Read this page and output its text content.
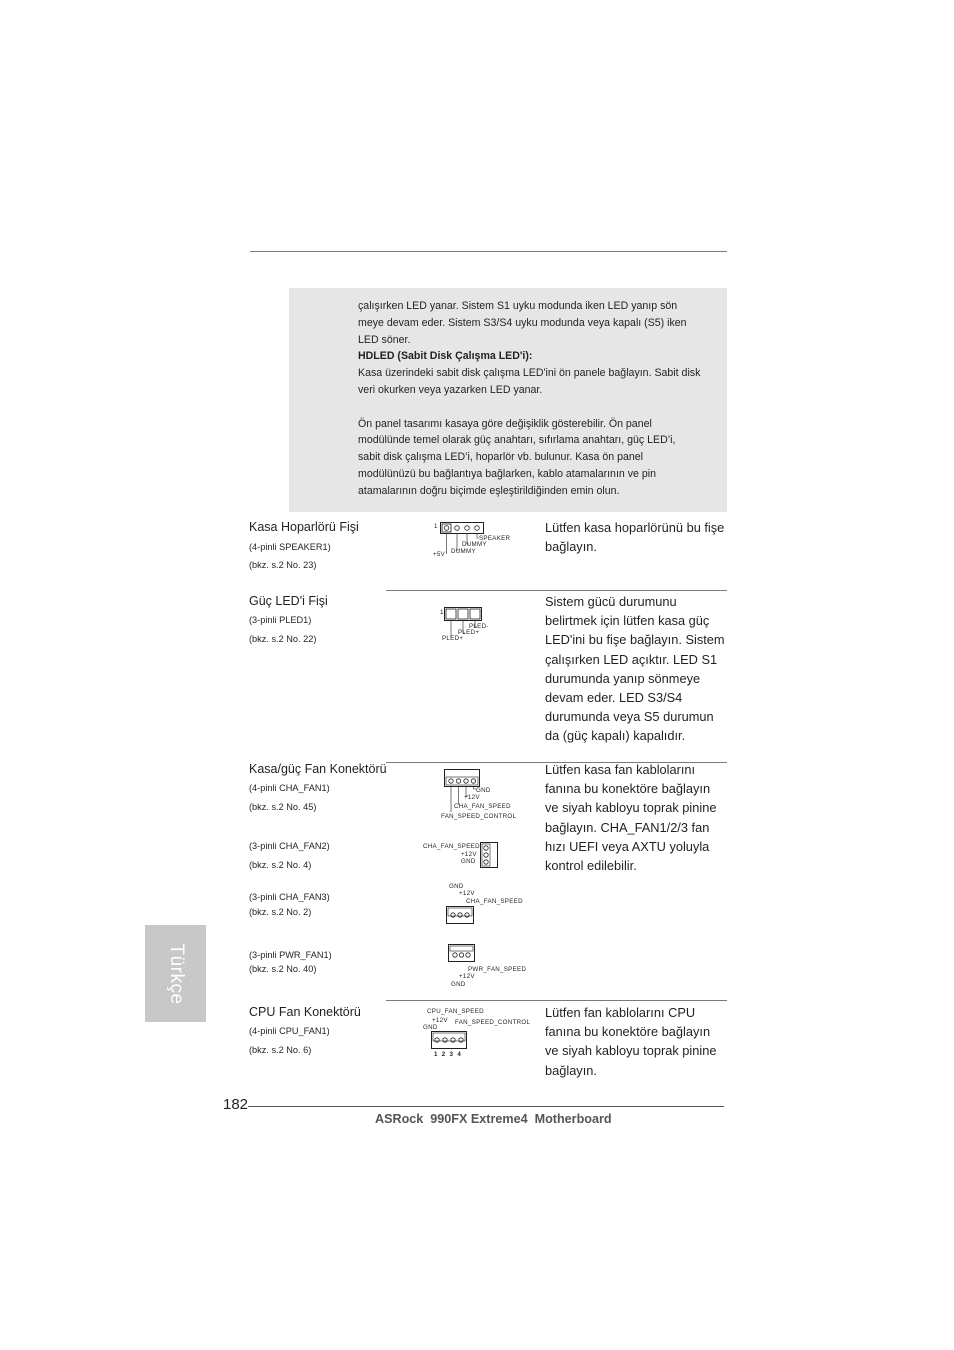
çalışırken LED yanar. Sistem S1 uyku modunda iken LED yanıp sön

meye devam eder. Sistem S3/S4 uyku modunda veya kapalı (S5) iken

LED söner.

HDLED (Sabit Disk Çalışma LED'i):

Kasa üzerindeki sabit disk çalışma LED'ini ön panele bağlayın. Sabit disk

veri okurken veya yazarken LED yanar.

Ön panel tasarımı kasaya göre değişiklik gösterebilir. Ön panel

modülünde temel olarak güç anahtarı, sıfırlama anahtarı, güç LED’i,

sabit disk çalışma LED’i, hoparlör vb. bulunur. Kasa ön panel

modülünüzü bu bağlantıya bağlarken, kablo atamalarının ve pin

atamalarının doğru biçimde eşleştirildiğinden emin olun.

Kasa Hoparlörü Fişi
(4-pinli SPEAKER1)
(bkz. s.2 No. 23)
1
SPEAKER
DUMMY
DUMMY
+5V
Lütfen kasa hoparlörünü bu fişe
bağlayın.
Güç LED'i Fişi
(3-pinli PLED1)
(bkz. s.2 No. 22)
1
PLED-
PLED+
PLED+
Sistem gücü durumunu
belirtmek için lütfen kasa güç
LED'ini bu fişe bağlayın. Sistem
çalışırken LED açıktır. LED S1
durumunda yanıp sönmeye
devam eder. LED S3/S4
durumunda veya S5 durumun
da (güç kapalı) kapalıdır.
Kasa/güç Fan Konektörü
(4-pinli CHA_FAN1)
(bkz. s.2 No. 45)
(3-pinli CHA_FAN2)
(bkz. s.2 No. 4)
(3-pinli CHA_FAN3)
(bkz. s.2 No. 2)
(3-pinli PWR_FAN1)
(bkz. s.2 No. 40)
GND
+12V
CHA_FAN_SPEED
FAN_SPEED_CONTROL
CHA_FAN_SPEED
+12V
GND
GND
+12V
CHA_FAN_SPEED
PWR_FAN_SPEED
+12V
GND
Lütfen kasa fan kablolarını
fanına bu konektöre bağlayın
ve siyah kabloyu toprak pinine
bağlayın. CHA_FAN1/2/3 fan
hızı UEFI veya AXTU yoluyla
kontrol edilebilir.
CPU Fan Konektörü
(4-pinli CPU_FAN1)
(bkz. s.2 No. 6)
CPU_FAN_SPEED
+12V
GND
FAN_SPEED_CONTROL
1  2  3  4
Lütfen fan kablolarını CPU
fanına bu konektöre bağlayın
ve siyah kabloyu toprak pinine
bağlayın.
Türkçe
182
ASRock  990FX Extreme4  Motherboard
